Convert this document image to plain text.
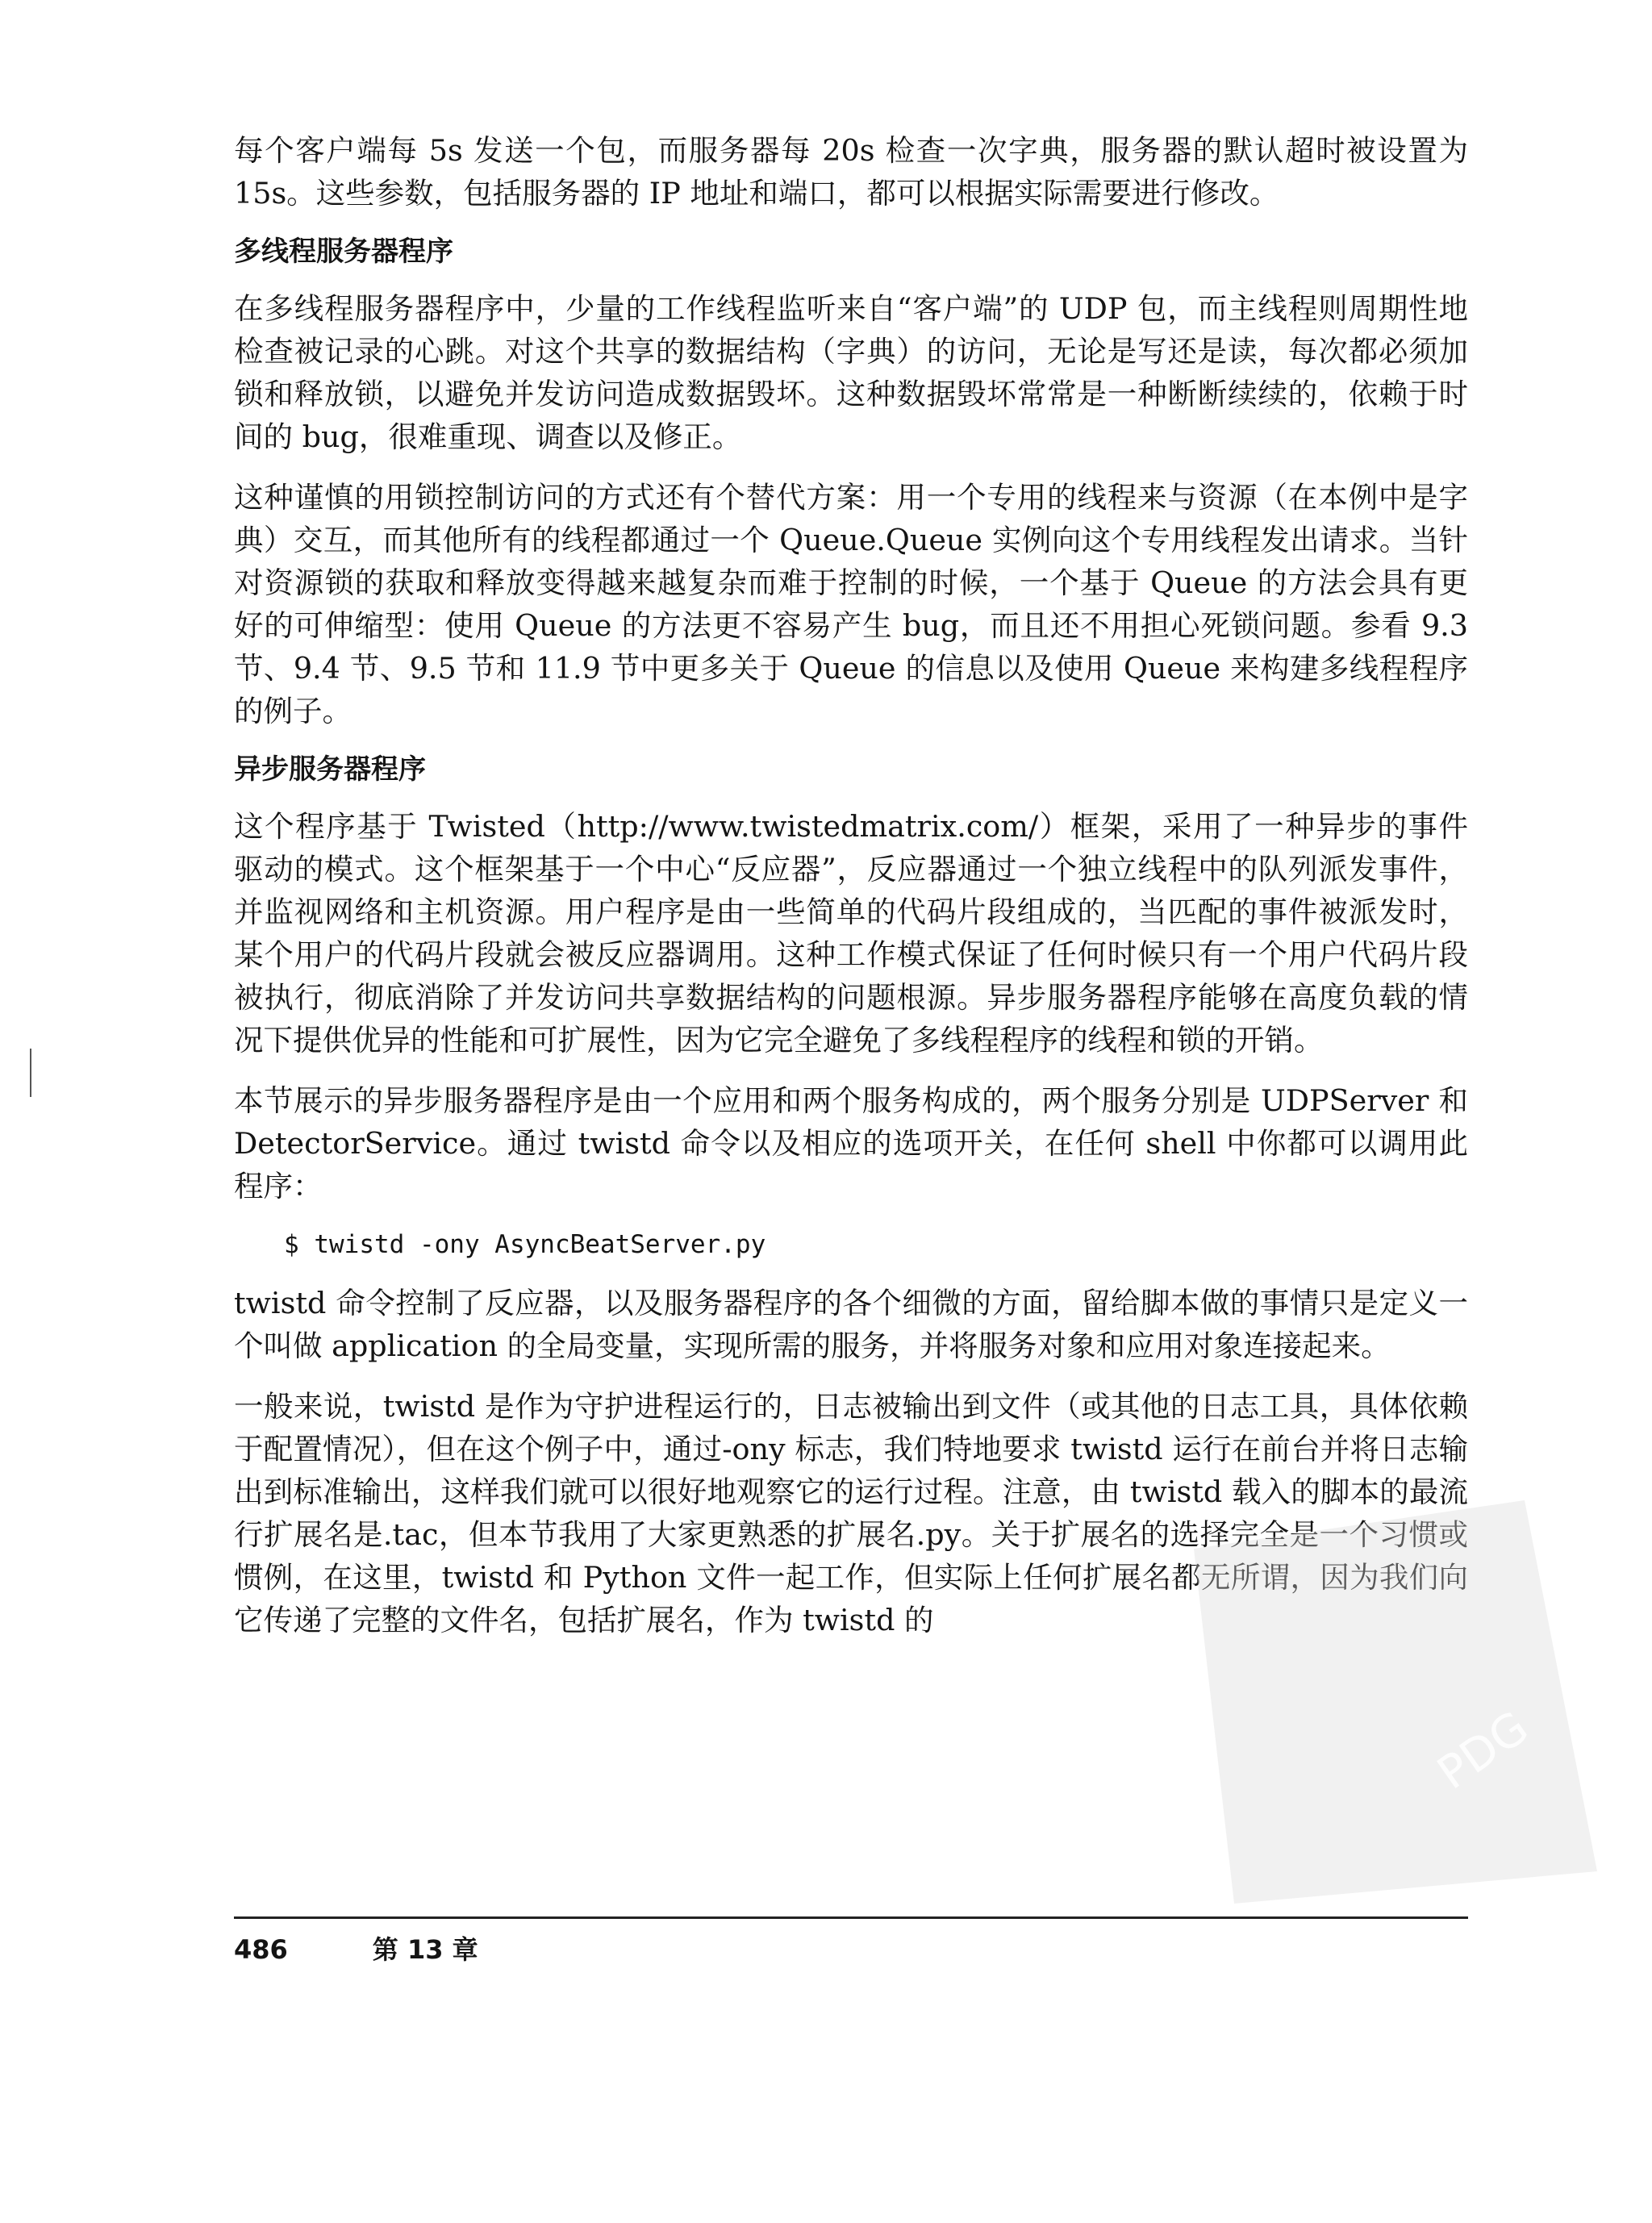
每个客户端每 5s 发送一个包，而服务器每 20s 检查一次字典，服务器的默认超时被设置为 15s。这些参数，包括服务器的 IP 地址和端口，都可以根据实际需要进行修改。

多线程服务器程序

在多线程服务器程序中，少量的工作线程监听来自“客户端”的 UDP 包，而主线程则周期性地检查被记录的心跳。对这个共享的数据结构（字典）的访问，无论是写还是读，每次都必须加锁和释放锁，以避免并发访问造成数据毁坏。这种数据毁坏常常是一种断断续续的，依赖于时间的 bug，很难重现、调查以及修正。

这种谨慎的用锁控制访问的方式还有个替代方案：用一个专用的线程来与资源（在本例中是字典）交互，而其他所有的线程都通过一个 Queue.Queue 实例向这个专用线程发出请求。当针对资源锁的获取和释放变得越来越复杂而难于控制的时候，一个基于 Queue 的方法会具有更好的可伸缩型：使用 Queue 的方法更不容易产生 bug，而且还不用担心死锁问题。参看 9.3 节、9.4 节、9.5 节和 11.9 节中更多关于 Queue 的信息以及使用 Queue 来构建多线程程序的例子。

异步服务器程序

这个程序基于 Twisted（http://www.twistedmatrix.com/）框架，采用了一种异步的事件驱动的模式。这个框架基于一个中心“反应器”，反应器通过一个独立线程中的队列派发事件，并监视网络和主机资源。用户程序是由一些简单的代码片段组成的，当匹配的事件被派发时，某个用户的代码片段就会被反应器调用。这种工作模式保证了任何时候只有一个用户代码片段被执行，彻底消除了并发访问共享数据结构的问题根源。异步服务器程序能够在高度负载的情况下提供优异的性能和可扩展性，因为它完全避免了多线程程序的线程和锁的开销。

本节展示的异步服务器程序是由一个应用和两个服务构成的，两个服务分别是 UDPServer 和 DetectorService。通过 twistd 命令以及相应的选项开关，在任何 shell 中你都可以调用此程序：

$ twistd -ony AsyncBeatServer.py

twistd 命令控制了反应器，以及服务器程序的各个细微的方面，留给脚本做的事情只是定义一个叫做 application 的全局变量，实现所需的服务，并将服务对象和应用对象连接起来。

一般来说，twistd 是作为守护进程运行的，日志被输出到文件（或其他的日志工具，具体依赖于配置情况），但在这个例子中，通过-ony 标志，我们特地要求 twistd 运行在前台并将日志输出到标准输出，这样我们就可以很好地观察它的运行过程。注意，由 twistd 载入的脚本的最流行扩展名是.tac，但本节我用了大家更熟悉的扩展名.py。关于扩展名的选择完全是一个习惯或惯例，在这里，twistd 和 Python 文件一起工作，但实际上任何扩展名都无所谓，因为我们向它传递了完整的文件名，包括扩展名，作为 twistd 的

PDG
486	第 13 章
